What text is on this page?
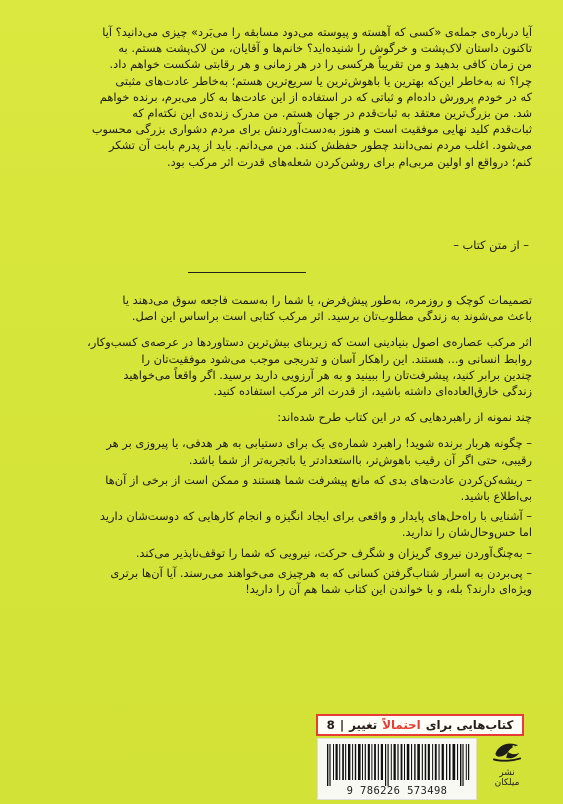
آیا درباره‌ی جمله‌ی «کسی که آهسته و پیوسته می‌دود مسابقه را می‌بَرد» چیزی می‌دانید؟ آیا

تاکنون داستان لاک‌پشت و خرگوش را شنیده‌اید؟ خانم‌ها و آقایان، من لاک‌پشت هستم. به

من زمان کافی بدهید و من تقریباً هرکسی را در هر زمانی و هر رقابتی شکست خواهم داد.

چرا؟ نه به‌خاطر این‌که بهترین یا باهوش‌ترین یا سریع‌ترین هستم؛ به‌خاطر عادت‌های مثبتی

که در خودم پرورش داده‌ام و ثباتی که در استفاده از این عادت‌ها به کار می‌برم، برنده خواهم

شد. من بزرگ‌ترین معتقد به ثبات‌قدم در جهان هستم. من مدرک زنده‌ی این نکته‌ام که

ثبات‌قدم کلید نهایی موفقیت است و هنوز به‌دست‌آوردنش برای مردم دشواری بزرگی محسوب

می‌شود. اغلب مردم نمی‌دانند چطور حفظش کنند. من می‌دانم. باید از پدرم بابت آن تشکر

کنم؛ درواقع او اولین مربی‌ام برای روشن‌کردن شعله‌های قدرت اثر مرکب بود.

– از متن کتاب –

تصمیمات کوچک و روزمره، به‌طور پیش‌فرض، یا شما را به‌سمت فاجعه سوق می‌دهند یا
باعث می‌شوند به زندگی مطلوب‌تان برسید. اثر مرکب کتابی است براساس این اصل.

اثر مرکب عصاره‌ی اصول بنیادینی است که زیربنای بیش‌ترین دستاوردها در عرصه‌ی کسب‌وکار،
روابط انسانی و... هستند. این راهکار آسان و تدریجی موجب می‌شود موفقیت‌تان را
چندین برابر کنید، پیشرفت‌تان را ببینید و به هر آرزویی دارید برسید. اگر واقعاً می‌خواهید
زندگی خارق‌العاده‌ای داشته باشید، از قدرت اثر مرکب استفاده کنید.

چند نمونه از راهبردهایی که در این کتاب طرح شده‌اند:

– چگونه هربار برنده شوید! راهبرد شماره‌ی یک برای دستیابی به هر هدفی، یا پیروزی بر هر
رقیبی، حتی اگر آن رقیب باهوش‌تر، بااستعدادتر یا باتجربه‌تر از شما باشد.
– ریشه‌کن‌کردن عادت‌های بدی که مانع پیشرفت شما هستند و ممکن است از برخی از آن‌ها
بی‌اطلاع باشید.
– آشنایی با راه‌حل‌های پایدار و واقعی برای ایجاد انگیزه و انجام کارهایی که دوست‌شان دارید
اما حس‌وحال‌شان را ندارید.
– به‌چنگ‌آوردن نیروی گریزان و شگرف حرکت، نیرویی که شما را توقف‌ناپذیر می‌کند.
– پی‌بردن به اسرار شتاب‌گرفتن کسانی که به هرچیزی می‌خواهند می‌رسند. آیا آن‌ها برتری
ویژه‌ای دارند؟ بله، و با خواندن این کتاب شما هم آن را دارید!
کتاب‌هایی برای
احتمالاً
تغییر
|
8
9 786226 573498
نشر میلکان
